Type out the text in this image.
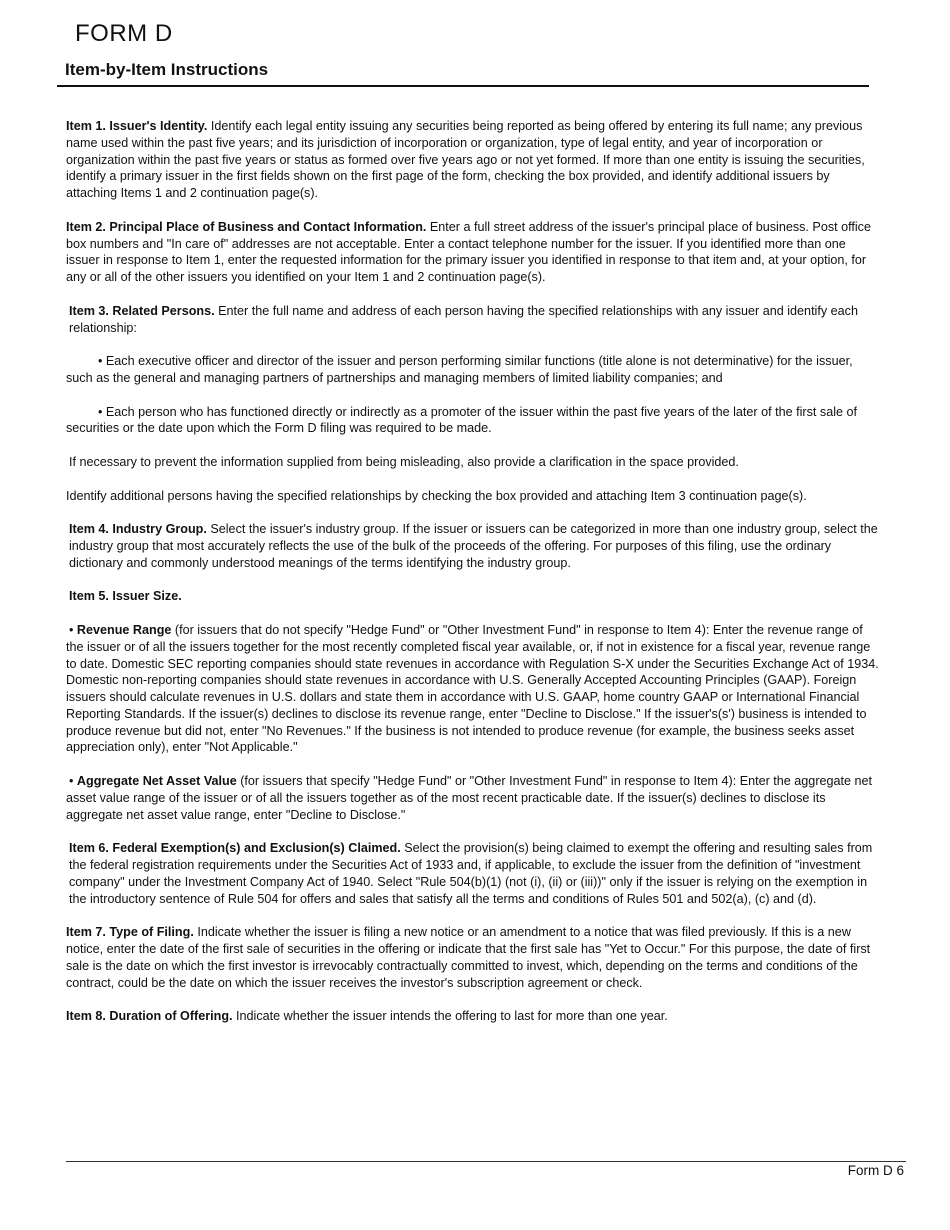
FORM D
Item-by-Item Instructions

Item 1. Issuer's Identity. Identify each legal entity issuing any securities being reported as being offered by entering its full name; any previous name used within the past five years; and its jurisdiction of incorporation or organization, type of legal entity, and year of incorporation or organization within the past five years or status as formed over five years ago or not yet formed. If more than one entity is issuing the securities, identify a primary issuer in the first fields shown on the first page of the form, checking the box provided, and identify additional issuers by attaching Items 1 and 2 continuation page(s).

Item 2. Principal Place of Business and Contact Information. Enter a full street address of the issuer's principal place of business. Post office box numbers and "In care of" addresses are not acceptable. Enter a contact telephone number for the issuer. If you identified more than one issuer in response to Item 1, enter the requested information for the primary issuer you identified in response to that item and, at your option, for any or all of the other issuers you identified on your Item 1 and 2 continuation page(s).

Item 3. Related Persons. Enter the full name and address of each person having the specified relationships with any issuer and identify each relationship:

• Each executive officer and director of the issuer and person performing similar functions (title alone is not determinative) for the issuer, such as the general and managing partners of partnerships and managing members of limited liability companies; and

• Each person who has functioned directly or indirectly as a promoter of the issuer within the past five years of the later of the first sale of securities or the date upon which the Form D filing was required to be made.

If necessary to prevent the information supplied from being misleading, also provide a clarification in the space provided.

Identify additional persons having the specified relationships by checking the box provided and attaching Item 3 continuation page(s).

Item 4. Industry Group. Select the issuer's industry group. If the issuer or issuers can be categorized in more than one industry group, select the industry group that most accurately reflects the use of the bulk of the proceeds of the offering. For purposes of this filing, use the ordinary dictionary and commonly understood meanings of the terms identifying the industry group.

Item 5. Issuer Size.

• Revenue Range (for issuers that do not specify "Hedge Fund" or "Other Investment Fund" in response to Item 4): Enter the revenue range of the issuer or of all the issuers together for the most recently completed fiscal year available, or, if not in existence for a fiscal year, revenue range to date. Domestic SEC reporting companies should state revenues in accordance with Regulation S-X under the Securities Exchange Act of 1934. Domestic non-reporting companies should state revenues in accordance with U.S. Generally Accepted Accounting Principles (GAAP). Foreign issuers should calculate revenues in U.S. dollars and state them in accordance with U.S. GAAP, home country GAAP or International Financial Reporting Standards. If the issuer(s) declines to disclose its revenue range, enter "Decline to Disclose." If the issuer's(s') business is intended to produce revenue but did not, enter "No Revenues." If the business is not intended to produce revenue (for example, the business seeks asset appreciation only), enter "Not Applicable."

• Aggregate Net Asset Value (for issuers that specify "Hedge Fund" or "Other Investment Fund" in response to Item 4): Enter the aggregate net asset value range of the issuer or of all the issuers together as of the most recent practicable date. If the issuer(s) declines to disclose its aggregate net asset value range, enter "Decline to Disclose."

Item 6. Federal Exemption(s) and Exclusion(s) Claimed. Select the provision(s) being claimed to exempt the offering and resulting sales from the federal registration requirements under the Securities Act of 1933 and, if applicable, to exclude the issuer from the definition of "investment company" under the Investment Company Act of 1940. Select "Rule 504(b)(1) (not (i), (ii) or (iii))" only if the issuer is relying on the exemption in the introductory sentence of Rule 504 for offers and sales that satisfy all the terms and conditions of Rules 501 and 502(a), (c) and (d).

Item 7. Type of Filing. Indicate whether the issuer is filing a new notice or an amendment to a notice that was filed previously. If this is a new notice, enter the date of the first sale of securities in the offering or indicate that the first sale has "Yet to Occur." For this purpose, the date of first sale is the date on which the first investor is irrevocably contractually committed to invest, which, depending on the terms and conditions of the contract, could be the date on which the issuer receives the investor's subscription agreement or check.

Item 8. Duration of Offering. Indicate whether the issuer intends the offering to last for more than one year.

Form D 6
